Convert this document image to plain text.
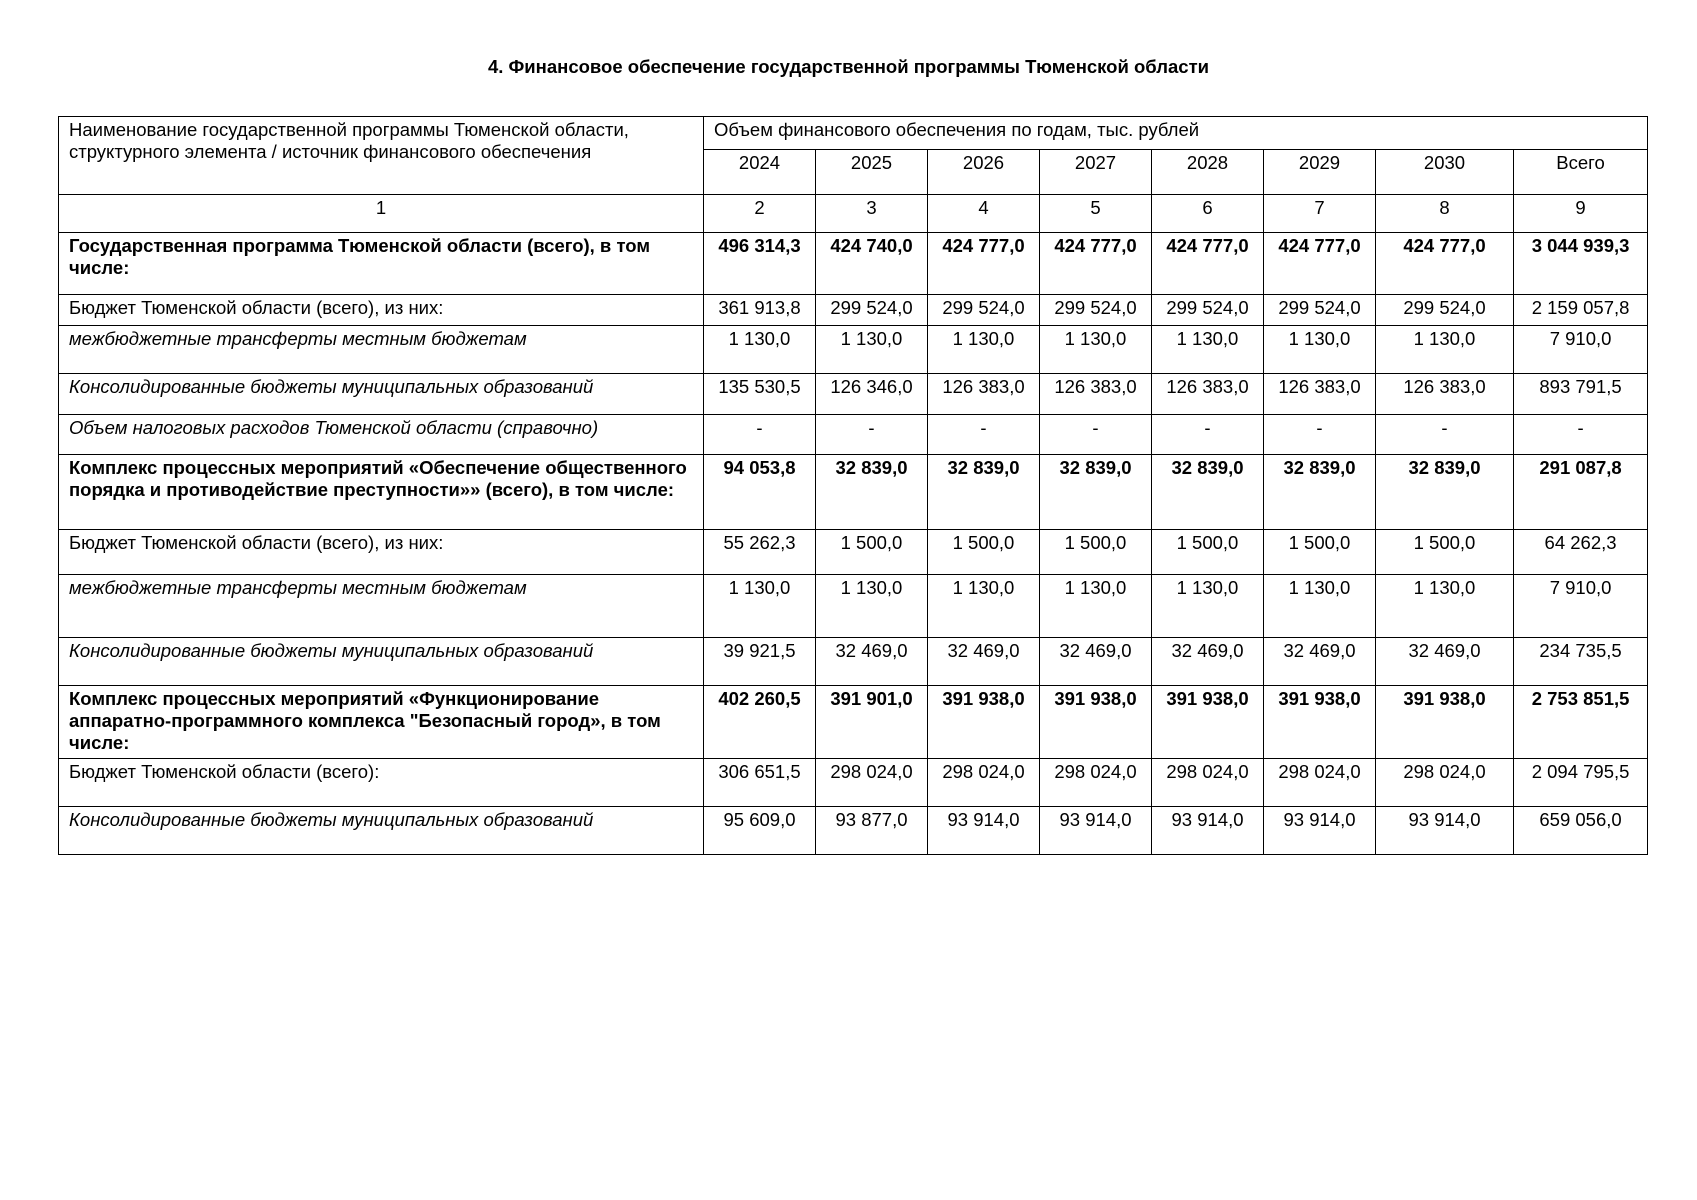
4. Финансовое обеспечение государственной программы Тюменской области
Наименование государственной программы Тюменской области, структурного элемента / источник финансового обеспечения	Объем финансового обеспечения по годам, тыс. рублей							
	2024	2025	2026	2027	2028	2029	2030	Всего
1	2	3	4	5	6	7	8	9
Государственная программа Тюменской области (всего), в том числе:	496 314,3	424 740,0	424 777,0	424 777,0	424 777,0	424 777,0	424 777,0	3 044 939,3
Бюджет Тюменской области (всего), из них:	361 913,8	299 524,0	299 524,0	299 524,0	299 524,0	299 524,0	299 524,0	2 159 057,8
межбюджетные трансферты местным бюджетам	1 130,0	1 130,0	1 130,0	1 130,0	1 130,0	1 130,0	1 130,0	7 910,0
Консолидированные бюджеты муниципальных образований	135 530,5	126 346,0	126 383,0	126 383,0	126 383,0	126 383,0	126 383,0	893 791,5
Объем налоговых расходов Тюменской области (справочно)	-	-	-	-	-	-	-	-
Комплекс процессных мероприятий «Обеспечение общественного порядка и противодействие преступности»» (всего), в том числе:	94 053,8	32 839,0	32 839,0	32 839,0	32 839,0	32 839,0	32 839,0	291 087,8
Бюджет Тюменской области (всего), из них:	55 262,3	1 500,0	1 500,0	1 500,0	1 500,0	1 500,0	1 500,0	64 262,3
межбюджетные трансферты местным бюджетам	1 130,0	1 130,0	1 130,0	1 130,0	1 130,0	1 130,0	1 130,0	7 910,0
Консолидированные бюджеты муниципальных образований	39 921,5	32 469,0	32 469,0	32 469,0	32 469,0	32 469,0	32 469,0	234 735,5
Комплекс процессных мероприятий «Функционирование аппаратно-программного комплекса "Безопасный город», в том числе:	402 260,5	391 901,0	391 938,0	391 938,0	391 938,0	391 938,0	391 938,0	2 753 851,5
Бюджет Тюменской области (всего):	306 651,5	298 024,0	298 024,0	298 024,0	298 024,0	298 024,0	298 024,0	2 094 795,5
Консолидированные бюджеты муниципальных образований	95 609,0	93 877,0	93 914,0	93 914,0	93 914,0	93 914,0	93 914,0	659 056,0
